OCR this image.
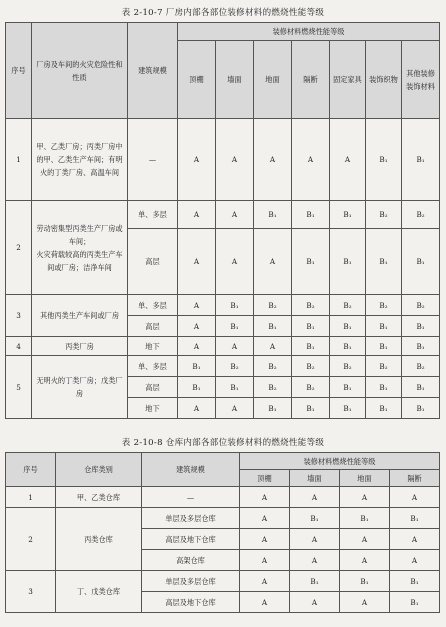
表 2-10-7 厂房内部各部位装修材料的燃烧性能等级
序号	厂房及车间的火灾危险性和性质	建筑规模	装修材料燃烧性能等级						
			顶棚	墙面	地面	隔断	固定家具	装饰织物	其他装修装饰材料
1	甲、乙类厂房；丙类厂房中的甲、乙类生产车间；有明火的丁类厂房、高温车间	—	A	A	A	A	A	B₁	B₁
2	劳动密集型丙类生产厂房或车间；
火灾荷载较高的丙类生产车间或厂房；洁净车间	单、多层	A	A	B₁	B₁	B₁	B₂	B₂
		高层	A	A	A	B₁	B₁	B₁	B₁
3	其他丙类生产车间或厂房	单、多层	A	B₁	B₂	B₂	B₂	B₂	B₂
		高层	A	B₁	B₁	B₁	B₁	B₁	B₁
4	丙类厂房	地下	A	A	A	B₁	B₁	B₁	B₁
5	无明火的丁类厂房；戊类厂房	单、多层	B₁	B₂	B₂	B₂	B₂	B₂	B₂
		高层	B₁	B₁	B₂	B₂	B₁	B₁	B₁
		地下	A	A	B₁	B₁	B₁	B₁	B₁
表 2-10-8 仓库内部各部位装修材料的燃烧性能等级
序号	仓库类别	建筑规模	装修材料燃烧性能等级			
			顶棚	墙面	地面	隔断
1	甲、乙类仓库	—	A	A	A	A
2	丙类仓库	单层及多层仓库	A	B₁	B₁	B₁
		高层及地下仓库	A	A	A	A
		高架仓库	A	A	A	A
3	丁、戊类仓库	单层及多层仓库	A	B₁	B₁	B₁
		高层及地下仓库	A	A	A	B₁
